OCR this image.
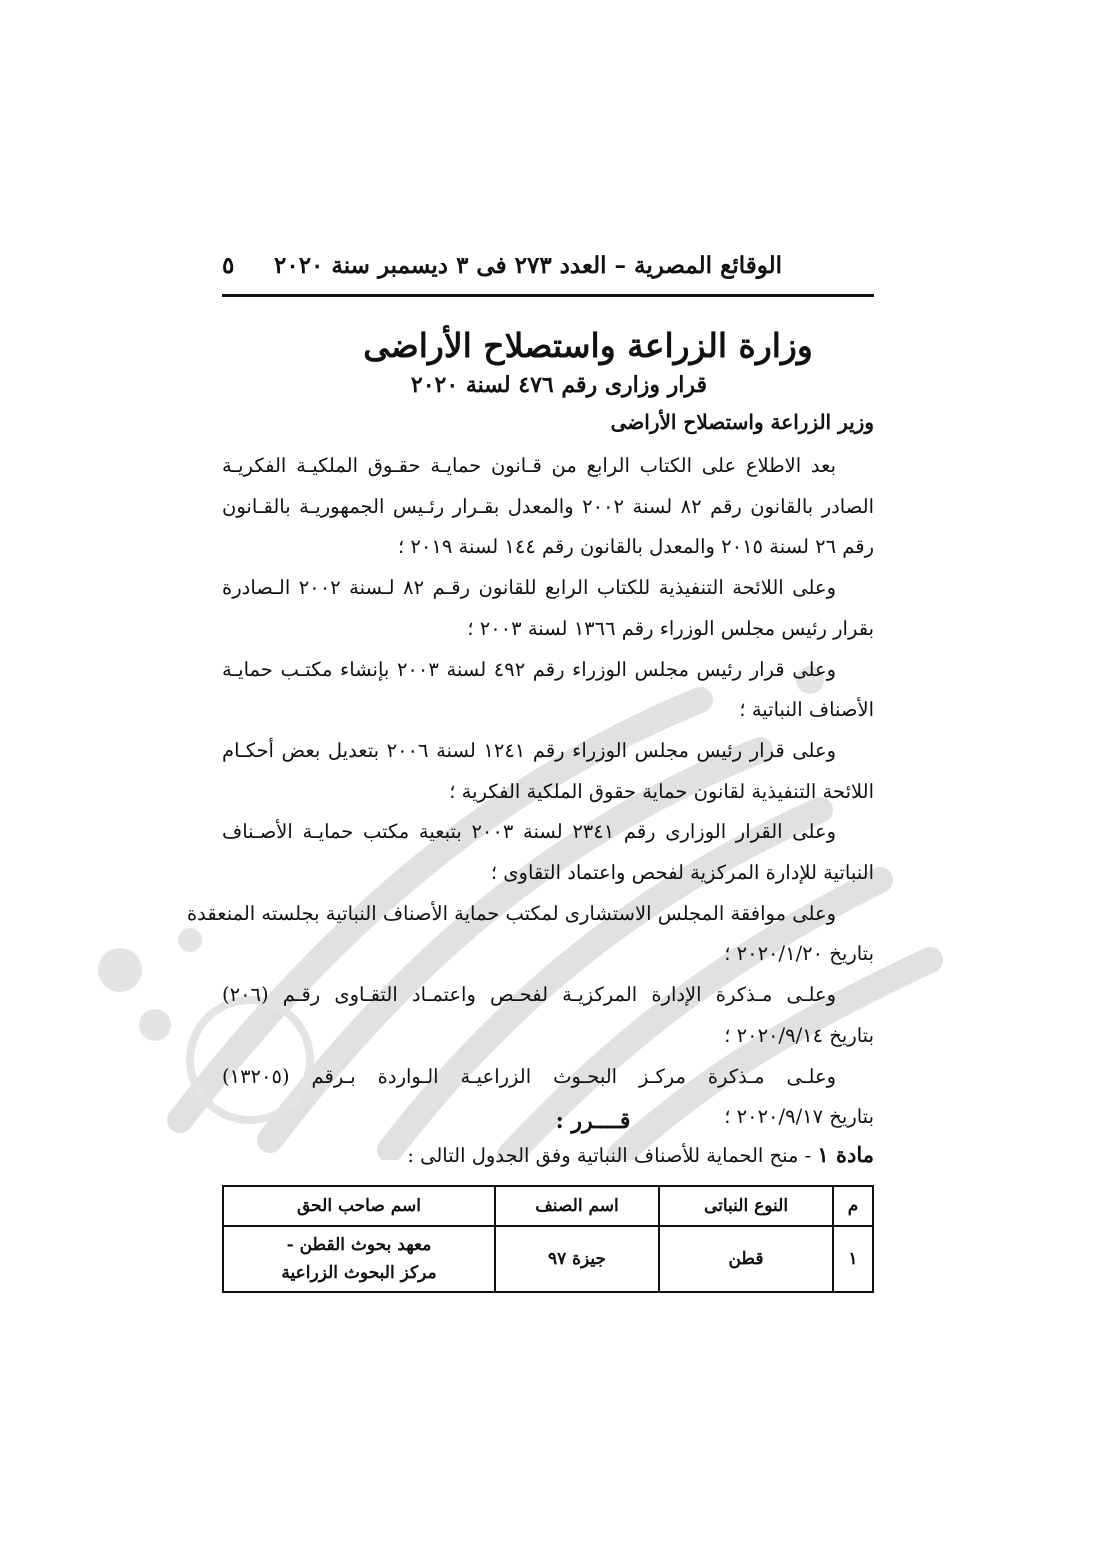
الوقائع المصرية – العدد ٢٧٣ فى ٣ ديسمبر سنة ٢٠٢٠
٥
وزارة الزراعة واستصلاح الأراضى
قرار وزارى رقم ٤٧٦ لسنة ٢٠٢٠
وزير الزراعة واستصلاح الأراضى
بعد الاطلاع على الكتاب الرابع من قـانون حمايـة حقـوق الملكيـة الفكريـة
الصادر بالقانون رقم ٨٢ لسنة ٢٠٠٢ والمعدل بقـرار رئـيس الجمهوريـة بالقـانون
رقم ٢٦ لسنة ٢٠١٥ والمعدل بالقانون رقم ١٤٤ لسنة ٢٠١٩ ؛
وعلى اللائحة التنفيذية للكتاب الرابع للقانون رقـم ٨٢ لـسنة ٢٠٠٢ الـصادرة
بقرار رئيس مجلس الوزراء رقم ١٣٦٦ لسنة ٢٠٠٣ ؛
وعلى قرار رئيس مجلس الوزراء رقم ٤٩٢ لسنة ٢٠٠٣ بإنشاء مكتـب حمايـة
الأصناف النباتية ؛
وعلى قرار رئيس مجلس الوزراء رقم ١٢٤١ لسنة ٢٠٠٦ بتعديل بعض أحكـام
اللائحة التنفيذية لقانون حماية حقوق الملكية الفكرية ؛
وعلى القرار الوزارى رقم ٢٣٤١ لسنة ٢٠٠٣ بتبعية مكتب حمايـة الأصـناف
النباتية للإدارة المركزية لفحص واعتماد التقاوى ؛
وعلى موافقة المجلس الاستشارى لمكتب حماية الأصناف النباتية بجلسته المنعقدة
بتاريخ ٢٠٢٠/١/٢٠ ؛
وعلـى مـذكرة الإدارة المركزيـة لفحـص واعتمـاد التقـاوى رقـم (٢٠٦)
بتاريخ ٢٠٢٠/٩/١٤ ؛
وعلـى مـذكرة مركـز البحـوث الزراعيـة الـواردة بـرقم (١٣٢٠٥)
بتاريخ ٢٠٢٠/٩/١٧ ؛
قــــرر :
مادة ١ - منح الحماية للأصناف النباتية وفق الجدول التالى :
م	النوع النباتى	اسم الصنف	اسم صاحب الحق
١	قطن	جيزة ٩٧	معهد بحوث القطن -
مركز البحوث الزراعية
